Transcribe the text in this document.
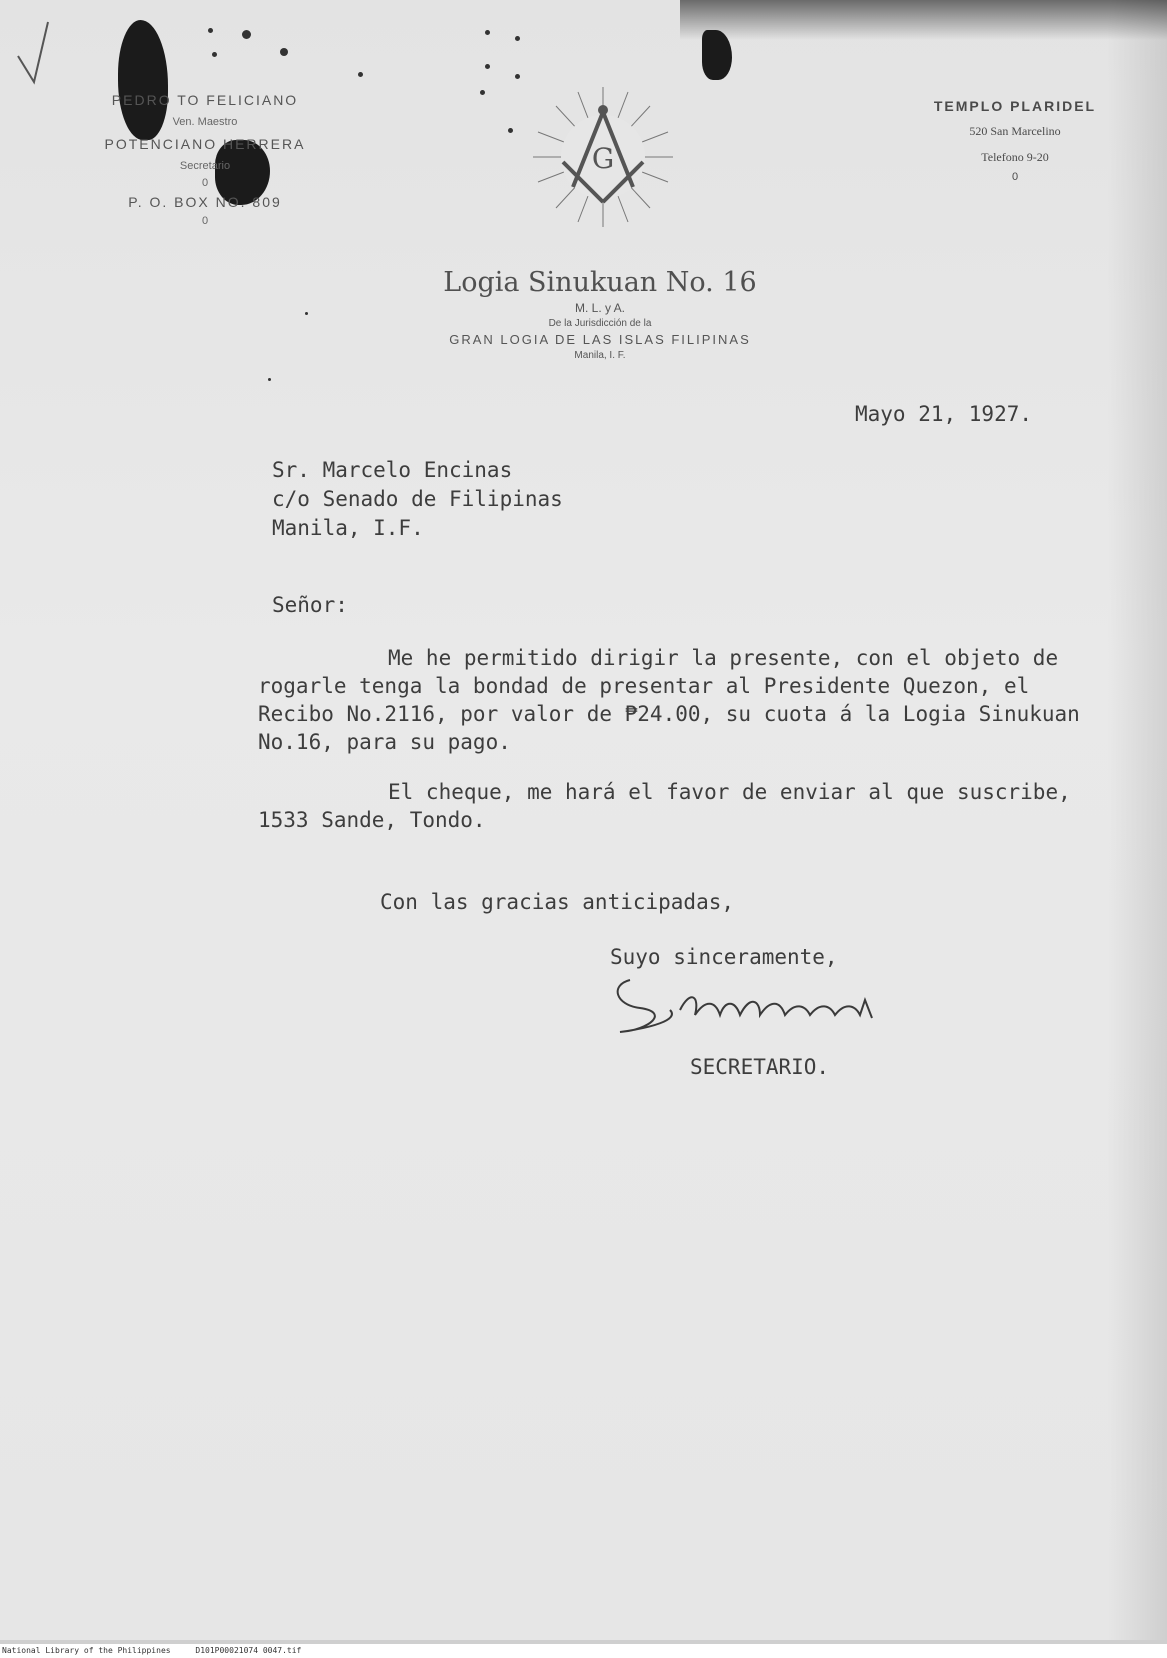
PEDRO TO FELICIANO
Ven. Maestro
POTENCIANO HERRERA
Secretario
0
P. O. BOX NO. 809
0
G
TEMPLO PLARIDEL
520 San Marcelino
Telefono 9-20
0
Logia Sinukuan No. 16
M. L. y A.
De la Jurisdicción de la
GRAN LOGIA DE LAS ISLAS FILIPINAS
Manila, I. F.
Mayo 21, 1927.
Sr. Marcelo Encinas
c/o Senado de Filipinas
Manila, I.F.
Señor:

Me he permitido dirigir la presente, con el objeto de rogarle tenga la bondad de presentar al Presidente Quezon, el Recibo No.2116, por valor de ₱24.00, su cuota á la Logia Sinukuan No.16, para su pago.

El cheque, me hará el favor de enviar al que suscribe, 1533 Sande, Tondo.

Con las gracias anticipadas,
Suyo sinceramente,
SECRETARIO.
National Library of the Philippines	D101P00021074 0047.tif
